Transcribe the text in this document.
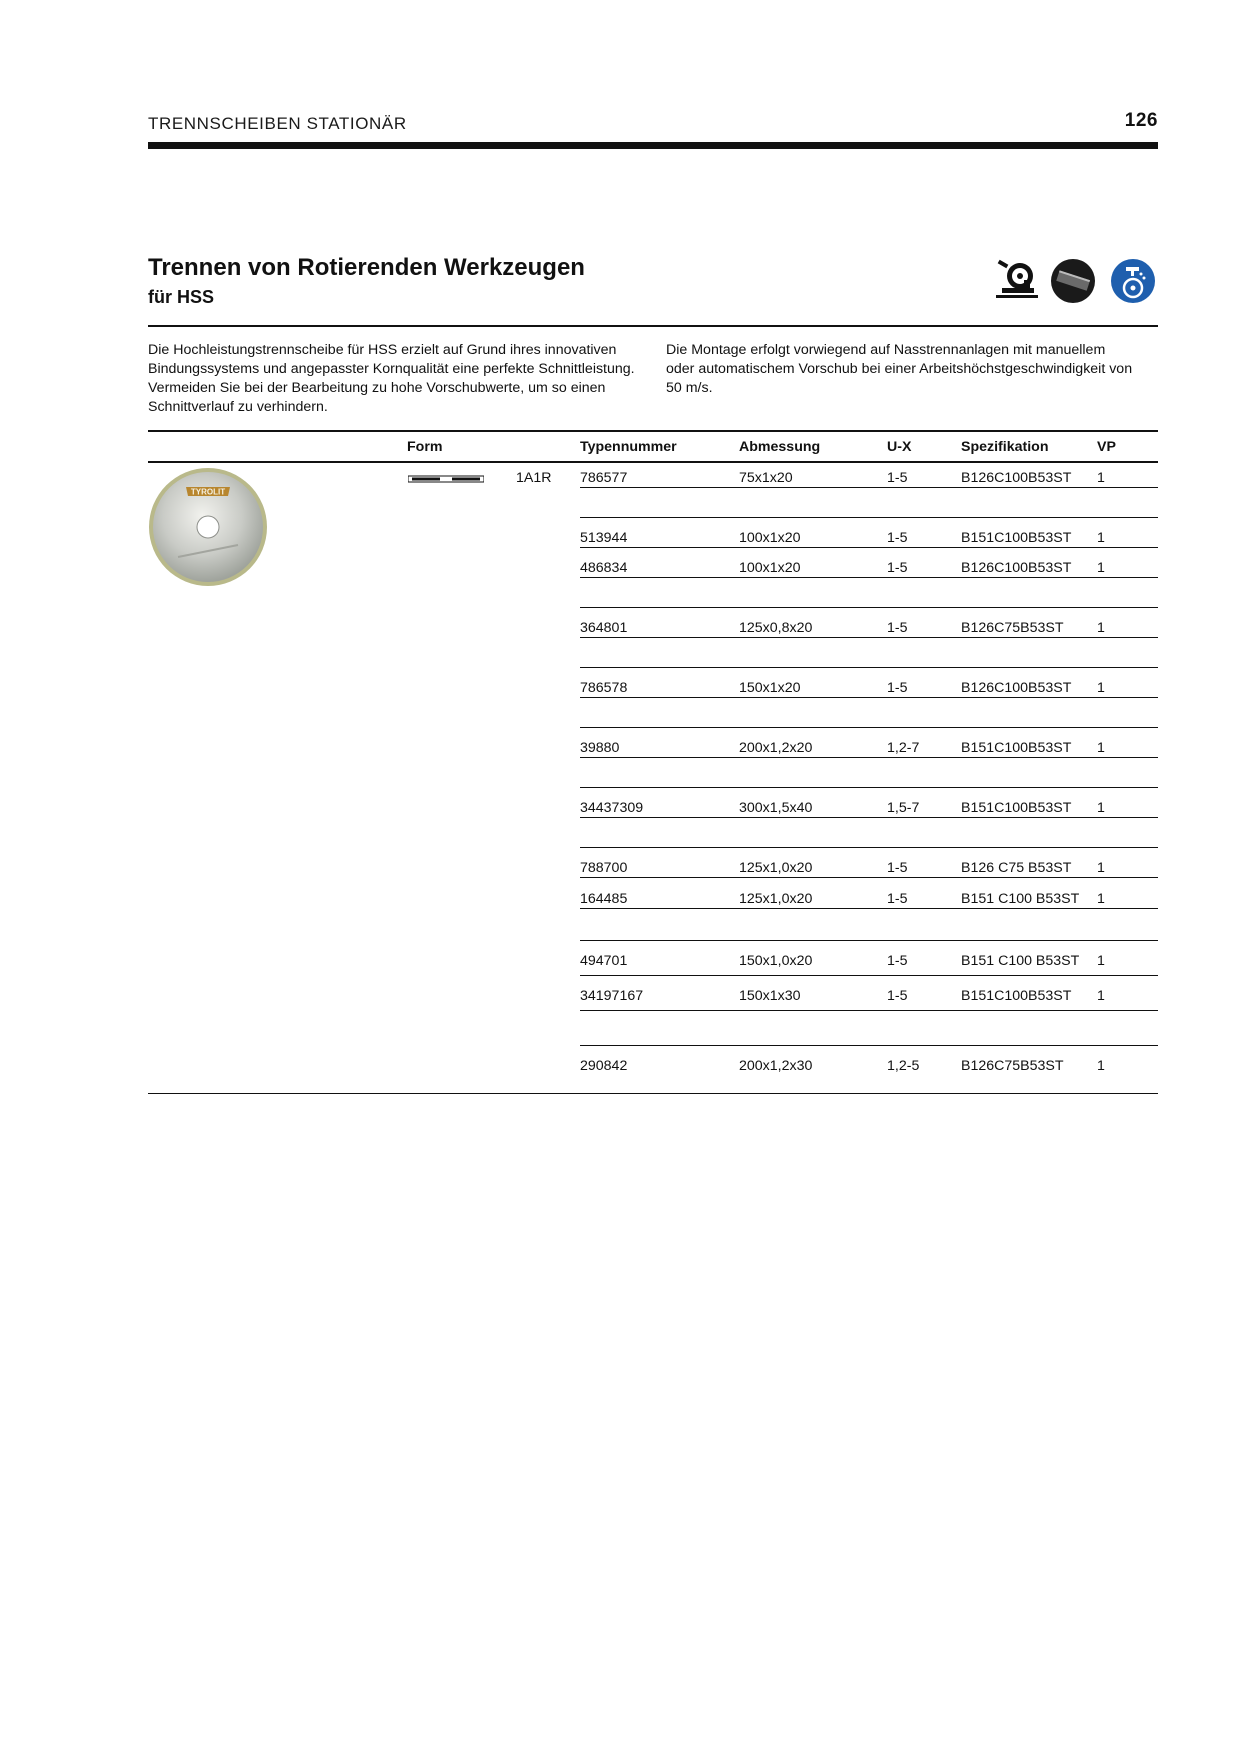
TRENNSCHEIBEN STATIONÄR	126
Trennen von Rotierenden Werkzeugen
für HSS
Die Hochleistungstrennscheibe für HSS erzielt auf Grund ihres innovativen
Bindungssystems und angepasster Kornqualität eine perfekte Schnittleistung.
Vermeiden Sie bei der Bearbeitung zu hohe Vorschubwerte, um so einen
Schnittverlauf zu verhindern.
Die Montage erfolgt vorwiegend auf Nasstrennanlagen mit manuellem
oder automatischem Vorschub bei einer Arbeitshöchstgeschwindigkeit von
50 m/s.
Form	Typennummer	Abmessung	U-X	Spezifikation	VP
TYROLIT
1A1R 786577	75x1x20	1-5	B126C100B53ST 1
513944	100x1x20	1-5	B151C100B53ST 1
486834	100x1x20	1-5	B126C100B53ST 1
364801	125x0,8x20	1-5	B126C75B53ST 1
786578	150x1x20	1-5	B126C100B53ST 1
39880	200x1,2x20	1,2-7	B151C100B53ST 1
34437309	300x1,5x40	1,5-7	B151C100B53ST 1
788700	125x1,0x20	1-5	B126 C75 B53ST 1
164485	125x1,0x20	1-5	B151 C100 B53ST 1
494701	150x1,0x20	1-5	B151 C100 B53ST 1
34197167	150x1x30	1-5	B151C100B53ST 1
290842	200x1,2x30	1,2-5	B126C75B53ST 1
